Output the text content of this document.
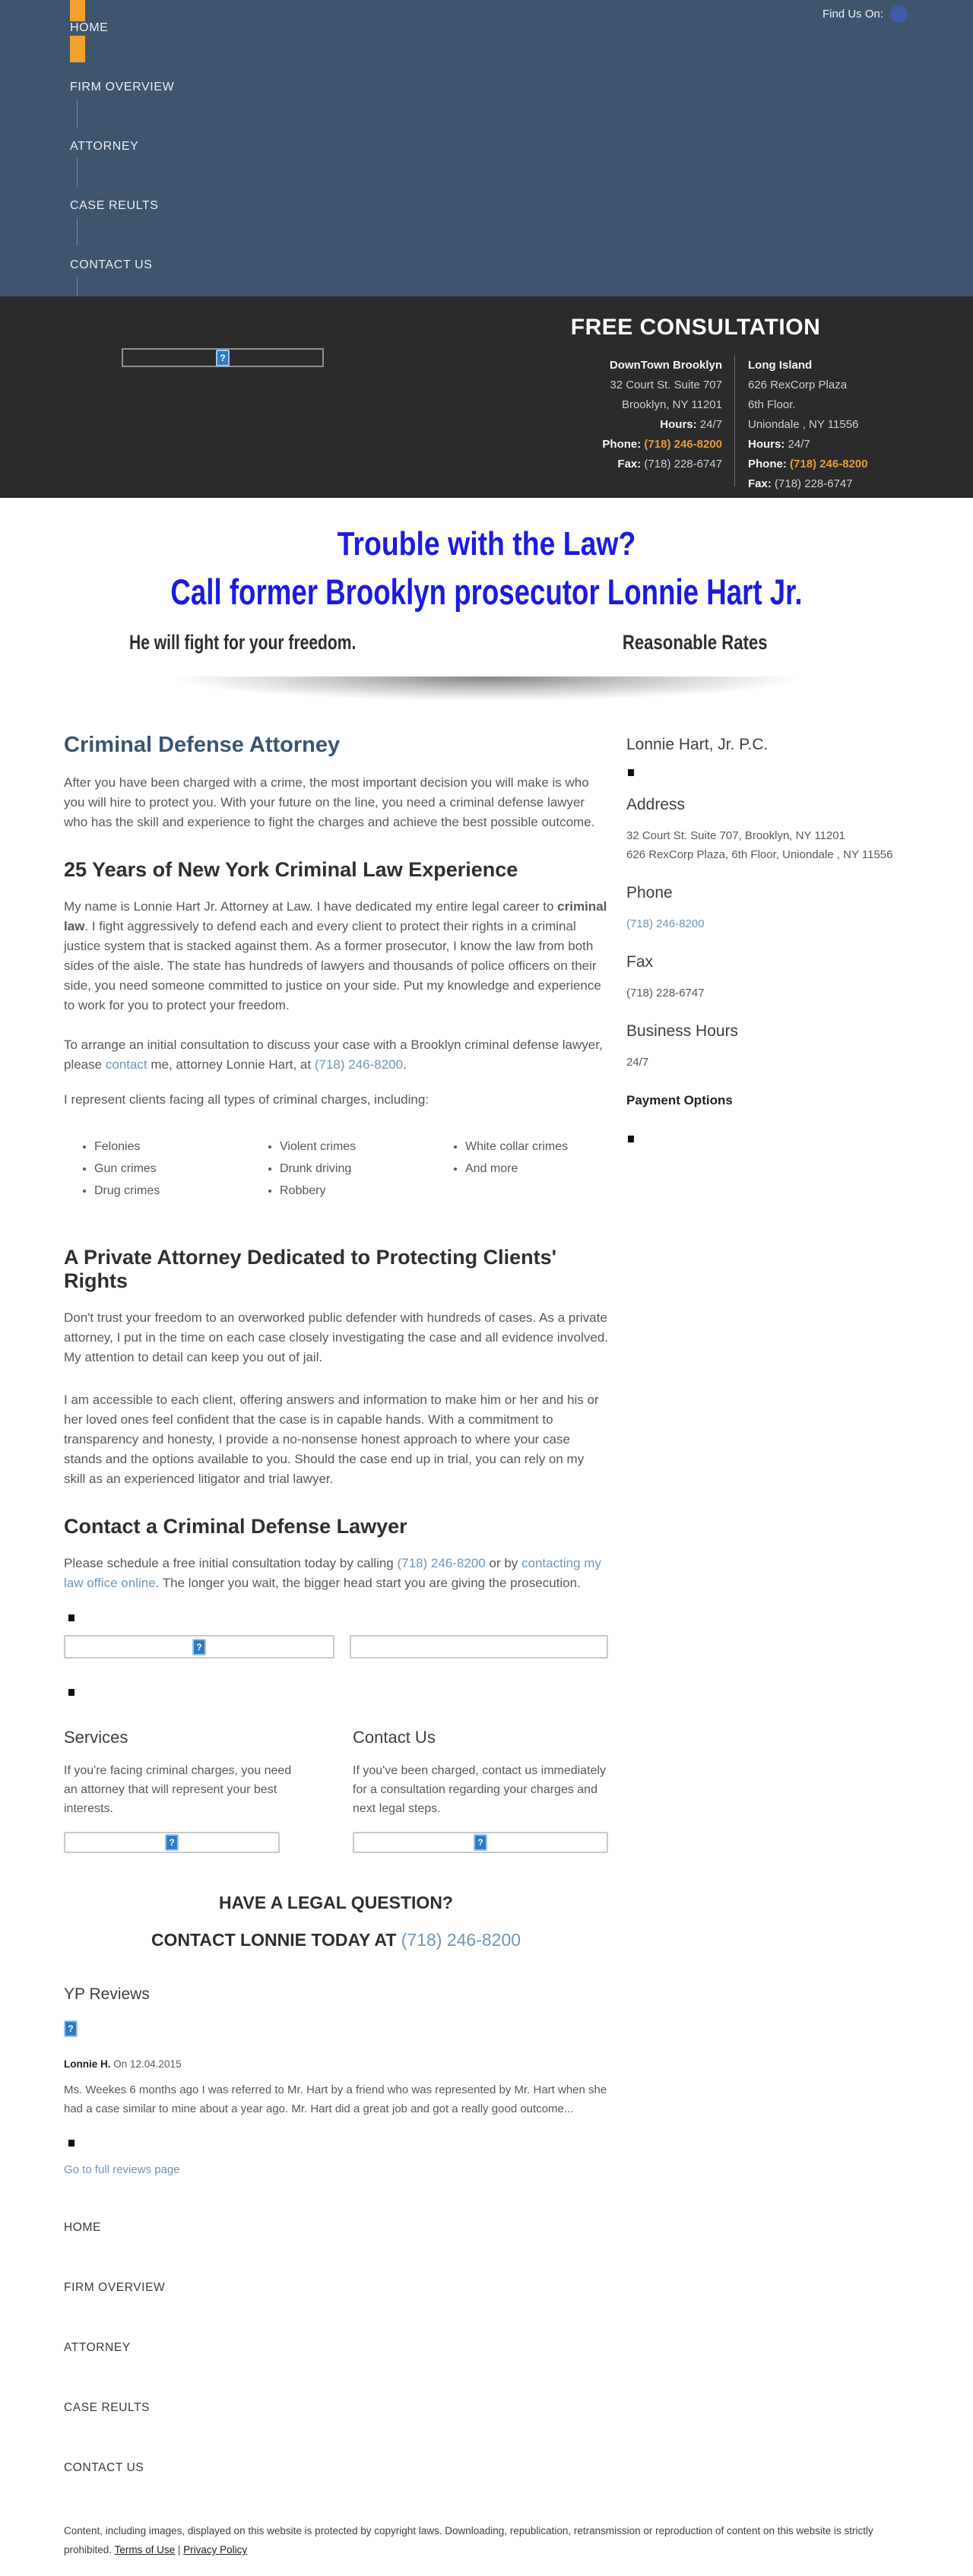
HOME
FIRM OVERVIEW
ATTORNEY
CASE REULTS
CONTACT US
Find Us On:
?
FREE CONSULTATION
DownTown Brooklyn
32 Court St. Suite 707
Brooklyn, NY 11201
Hours: 24/7
Phone: (718) 246-8200
Fax: (718) 228-6747
Long Island
626 RexCorp Plaza
6th Floor.
Uniondale , NY 11556
Hours: 24/7
Phone: (718) 246-8200
Fax: (718) 228-6747
Trouble with the Law?
Call former Brooklyn prosecutor Lonnie Hart Jr.
He will fight for your freedom.	Reasonable Rates
Criminal Defense Attorney

After you have been charged with a crime, the most important decision you will make is who you will hire to protect you. With your future on the line, you need a criminal defense lawyer who has the skill and experience to fight the charges and achieve the best possible outcome.

25 Years of New York Criminal Law Experience

My name is Lonnie Hart Jr. Attorney at Law. I have dedicated my entire legal career to criminal law. I fight aggressively to defend each and every client to protect their rights in a criminal justice system that is stacked against them. As a former prosecutor, I know the law from both sides of the aisle. The state has hundreds of lawyers and thousands of police officers on their side, you need someone committed to justice on your side. Put my knowledge and experience to work for you to protect your freedom.

To arrange an initial consultation to discuss your case with a Brooklyn criminal defense lawyer, please contact me, attorney Lonnie Hart, at (718) 246-8200.

I represent clients facing all types of criminal charges, including:

• Felonies
• Gun crimes
• Drug crimes
• Violent crimes
• Drunk driving
• Robbery
• White collar crimes
• And more
A Private Attorney Dedicated to Protecting Clients' Rights

Don't trust your freedom to an overworked public defender with hundreds of cases. As a private attorney, I put in the time on each case closely investigating the case and all evidence involved. My attention to detail can keep you out of jail.

I am accessible to each client, offering answers and information to make him or her and his or her loved ones feel confident that the case is in capable hands. With a commitment to transparency and honesty, I provide a no-nonsense honest approach to where your case stands and the options available to you. Should the case end up in trial, you can rely on my skill as an experienced litigator and trial lawyer.

Contact a Criminal Defense Lawyer

Please schedule a free initial consultation today by calling (718) 246-8200 or by contacting my law office online. The longer you wait, the bigger head start you are giving the prosecution.

?
Services

If you're facing criminal charges, you need an attorney that will represent your best interests.

?
Contact Us

If you've been charged, contact us immediately for a consultation regarding your charges and next legal steps.

?
HAVE A LEGAL QUESTION?
CONTACT LONNIE TODAY AT (718) 246-8200
YP Reviews
?
Lonnie H. On 12.04.2015
Ms. Weekes 6 months ago I was referred to Mr. Hart by a friend who was represented by Mr. Hart when she had a case similar to mine about a year ago. Mr. Hart did a great job and got a really good outcome...
Go to full reviews page
Lonnie Hart, Jr. P.C.
Address
32 Court St. Suite 707, Brooklyn, NY 11201
626 RexCorp Plaza, 6th Floor, Uniondale , NY 11556
Phone
(718) 246-8200
Fax
(718) 228-6747
Business Hours
24/7
Payment Options
HOME
FIRM OVERVIEW
ATTORNEY
CASE REULTS
CONTACT US
Content, including images, displayed on this website is protected by copyright laws. Downloading, republication, retransmission or reproduction of content on this website is strictly prohibited. Terms of Use | Privacy Policy
